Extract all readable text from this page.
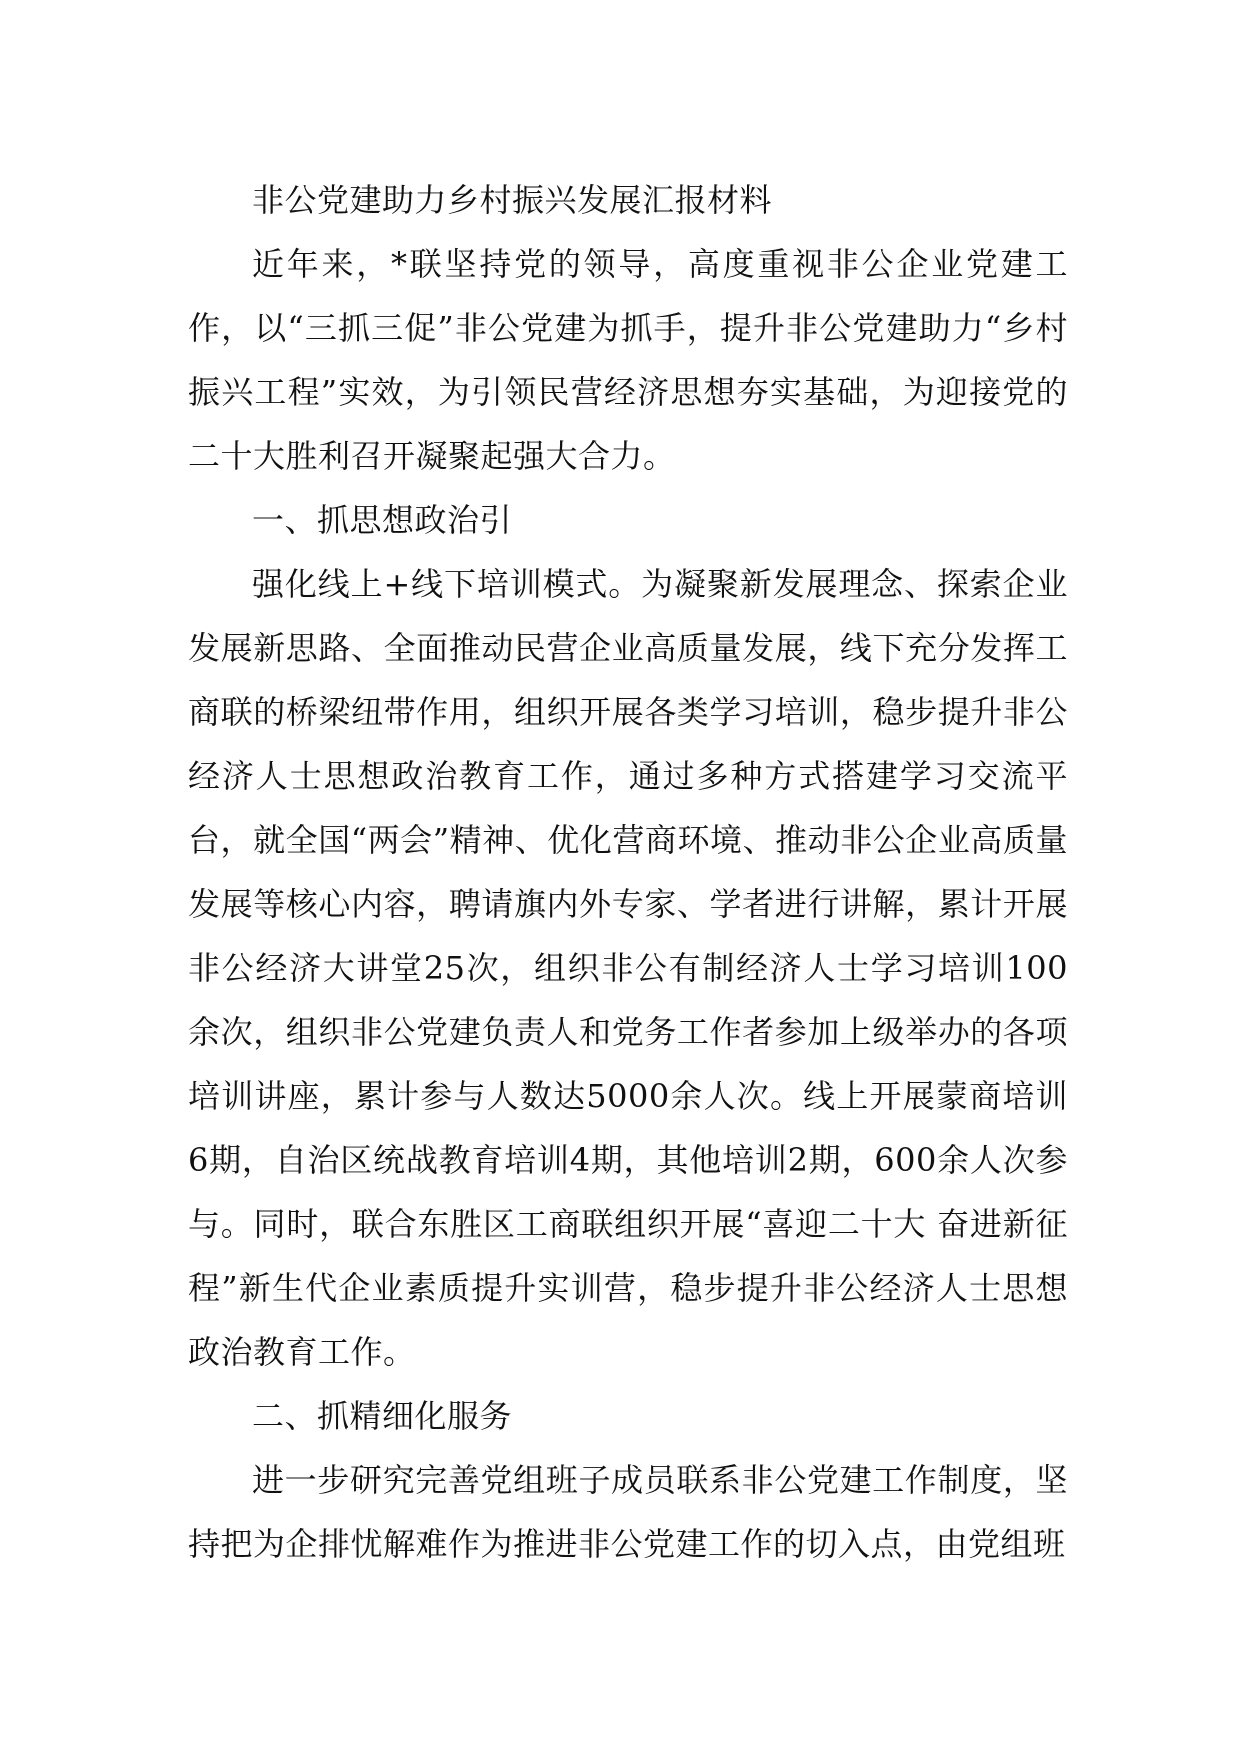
非公党建助力乡村振兴发展汇报材料

近年来，*联坚持党的领导，高度重视非公企业党建工作，以“三抓三促”非公党建为抓手，提升非公党建助力“乡村振兴工程”实效，为引领民营经济思想夯实基础，为迎接党的二十大胜利召开凝聚起强大合力。

一、抓思想政治引

强化线上+线下培训模式。为凝聚新发展理念、探索企业发展新思路、全面推动民营企业高质量发展，线下充分发挥工商联的桥梁纽带作用，组织开展各类学习培训，稳步提升非公经济人士思想政治教育工作，通过多种方式搭建学习交流平台，就全国“两会”精神、优化营商环境、推动非公企业高质量发展等核心内容，聘请旗内外专家、学者进行讲解，累计开展非公经济大讲堂25次，组织非公有制经济人士学习培训100余次，组织非公党建负责人和党务工作者参加上级举办的各项培训讲座，累计参与人数达5000余人次。线上开展蒙商培训6期，自治区统战教育培训4期，其他培训2期，600余人次参与。同时，联合东胜区工商联组织开展“喜迎二十大 奋进新征程”新生代企业素质提升实训营，稳步提升非公经济人士思想政治教育工作。

二、抓精细化服务

进一步研究完善党组班子成员联系非公党建工作制度，坚持把为企排忧解难作为推进非公党建工作的切入点，由党组班
